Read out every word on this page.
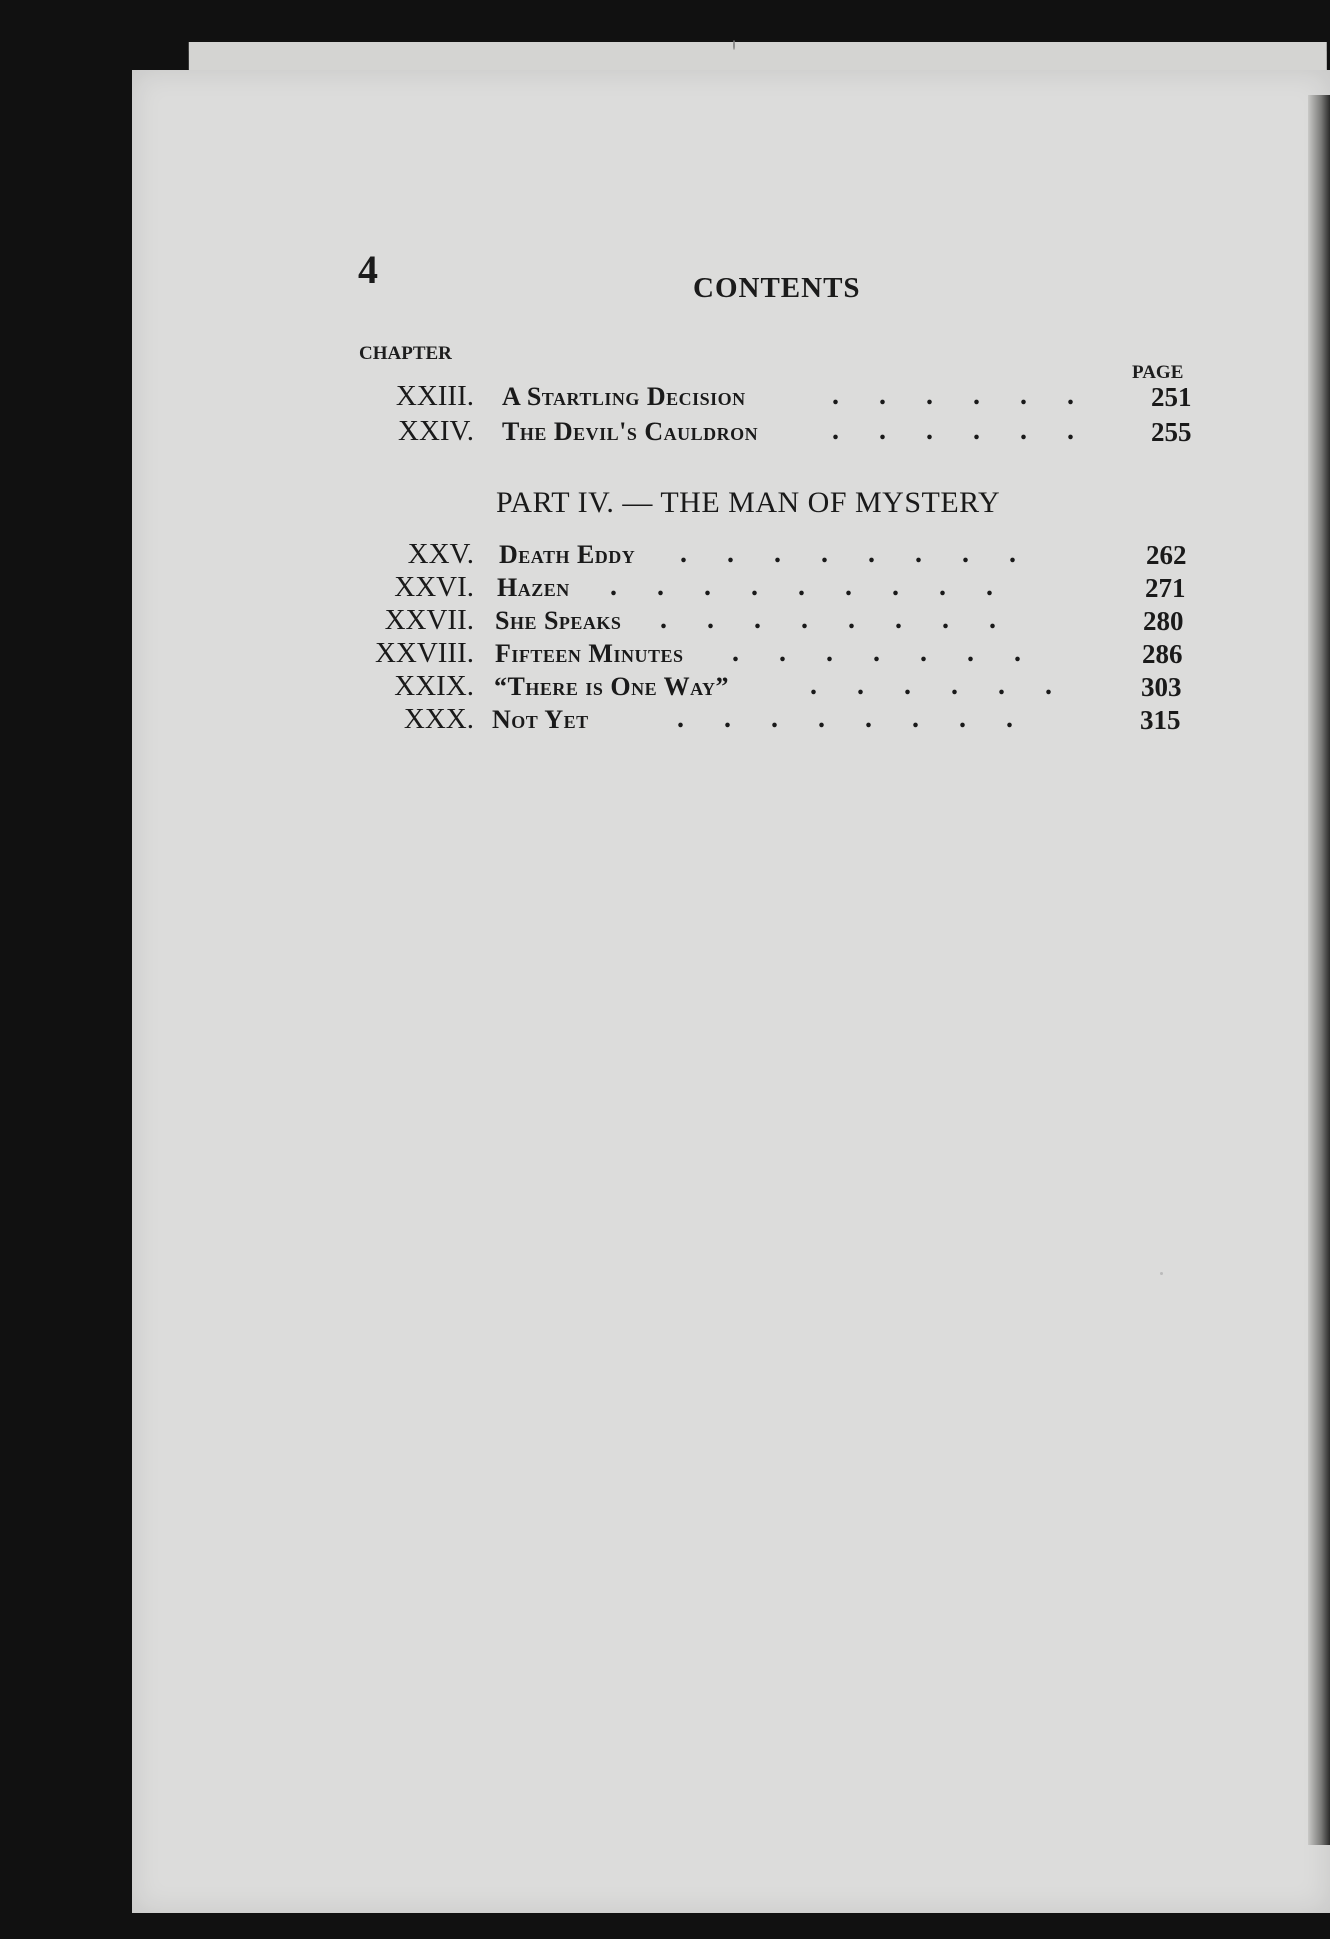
4	CONTENTS
CHAPTER
PAGE
XXIII. A Startling Decision	...... 251
XXIV. The Devil's Cauldron	...... 255
PART IV. — THE MAN OF MYSTERY
XXV. Death Eddy ........	262
XXVI. Hazen .........	271
XXVII. She Speaks ........	280
XXVIII. Fifteen Minutes .......	286
XXIX. “There is One Way”	...... 303
XXX. Not Yet	........	315
